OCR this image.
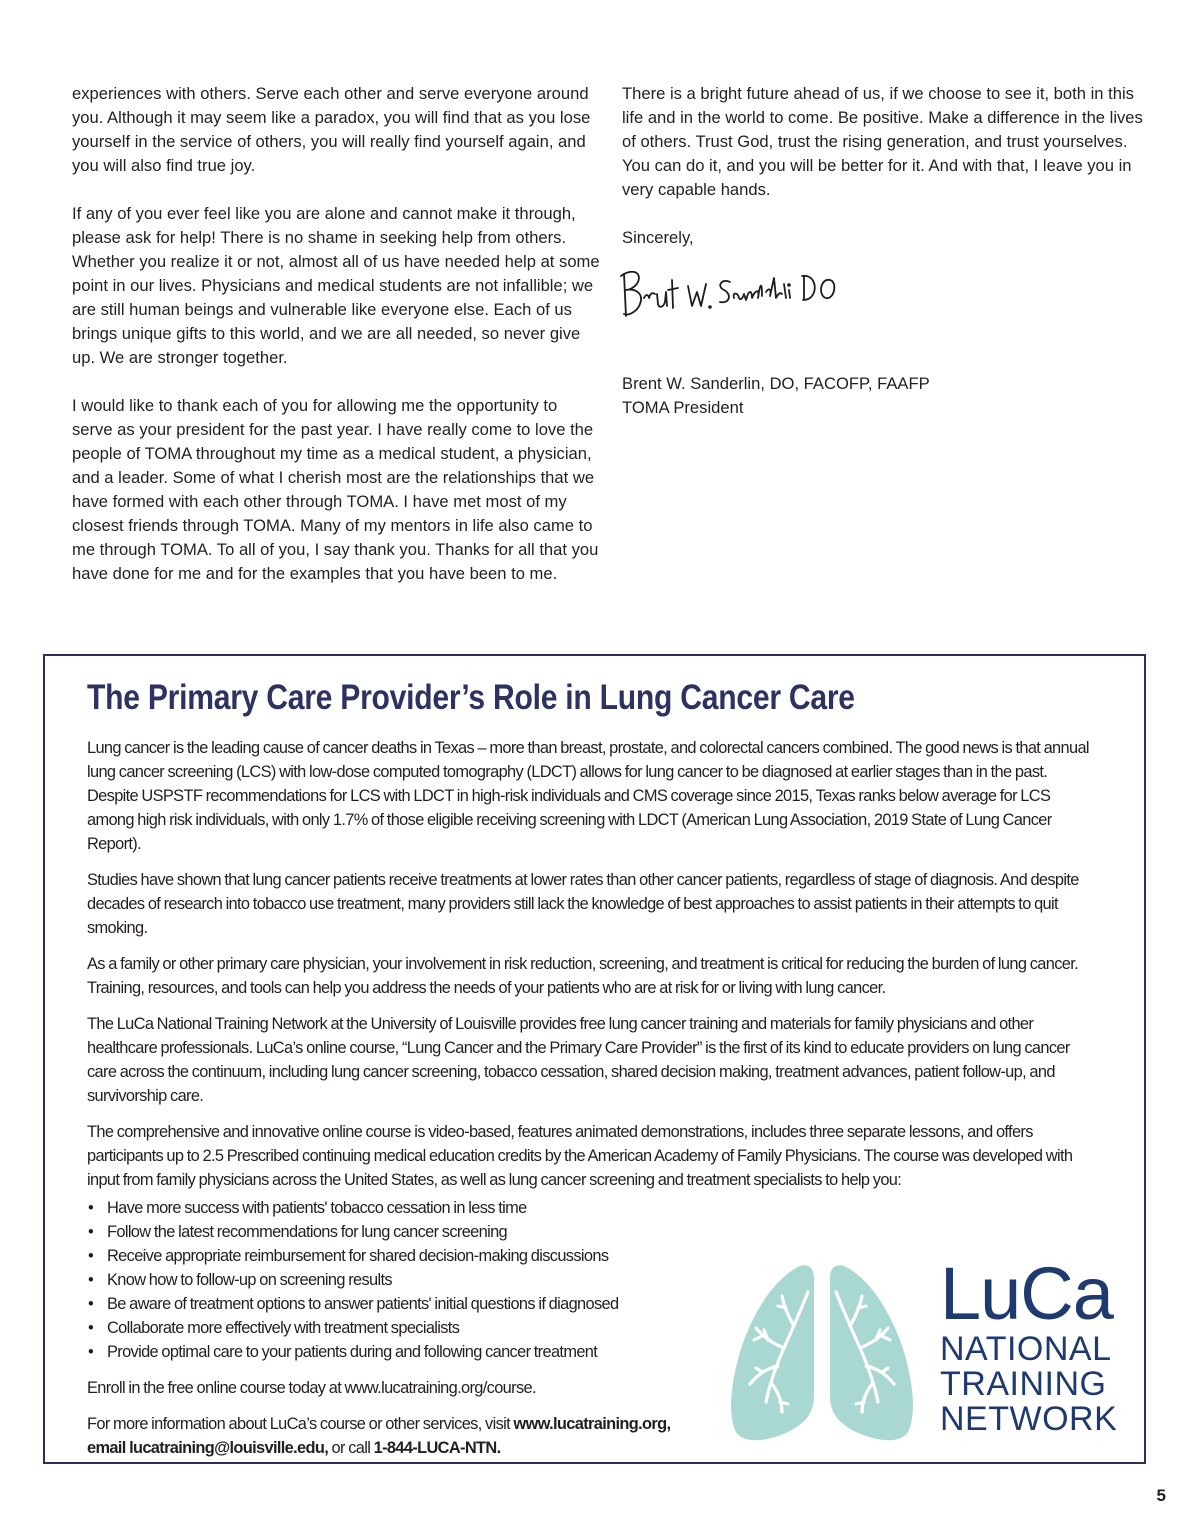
experiences with others. Serve each other and serve everyone around you. Although it may seem like a paradox, you will find that as you lose yourself in the service of others, you will really find yourself again, and you will also find true joy.

If any of you ever feel like you are alone and cannot make it through, please ask for help! There is no shame in seeking help from others. Whether you realize it or not, almost all of us have needed help at some point in our lives. Physicians and medical students are not infallible; we are still human beings and vulnerable like everyone else. Each of us brings unique gifts to this world, and we are all needed, so never give up. We are stronger together.

I would like to thank each of you for allowing me the opportunity to serve as your president for the past year. I have really come to love the people of TOMA throughout my time as a medical student, a physician, and a leader. Some of what I cherish most are the relationships that we have formed with each other through TOMA. I have met most of my closest friends through TOMA. Many of my mentors in life also came to me through TOMA. To all of you, I say thank you. Thanks for all that you have done for me and for the examples that you have been to me.

There is a bright future ahead of us, if we choose to see it, both in this life and in the world to come. Be positive. Make a difference in the lives of others. Trust God, trust the rising generation, and trust yourselves. You can do it, and you will be better for it. And with that, I leave you in very capable hands.

Sincerely,

Brent W. Sanderlin, DO, FACOFP, FAAFP

TOMA President

The Primary Care Provider’s Role in Lung Cancer Care

Lung cancer is the leading cause of cancer deaths in Texas – more than breast, prostate, and colorectal cancers combined. The good news is that annual lung cancer screening (LCS) with low-dose computed tomography (LDCT) allows for lung cancer to be diagnosed at earlier stages than in the past. Despite USPSTF recommendations for LCS with LDCT in high-risk individuals and CMS coverage since 2015, Texas ranks below average for LCS among high risk individuals, with only 1.7% of those eligible receiving screening with LDCT (American Lung Association, 2019 State of Lung Cancer Report).

Studies have shown that lung cancer patients receive treatments at lower rates than other cancer patients, regardless of stage of diagnosis. And despite decades of research into tobacco use treatment, many providers still lack the knowledge of best approaches to assist patients in their attempts to quit smoking.

As a family or other primary care physician, your involvement in risk reduction, screening, and treatment is critical for reducing the burden of lung cancer. Training, resources, and tools can help you address the needs of your patients who are at risk for or living with lung cancer.

The LuCa National Training Network at the University of Louisville provides free lung cancer training and materials for family physicians and other healthcare professionals. LuCa’s online course, “Lung Cancer and the Primary Care Provider” is the first of its kind to educate providers on lung cancer care across the continuum, including lung cancer screening, tobacco cessation, shared decision making, treatment advances, patient follow-up, and survivorship care.

The comprehensive and innovative online course is video-based, features animated demonstrations, includes three separate lessons, and offers participants up to 2.5 Prescribed continuing medical education credits by the American Academy of Family Physicians. The course was developed with input from family physicians across the United States, as well as lung cancer screening and treatment specialists to help you:

• Have more success with patients' tobacco cessation in less time
• Follow the latest recommendations for lung cancer screening
• Receive appropriate reimbursement for shared decision-making discussions
• Know how to follow-up on screening results
• Be aware of treatment options to answer patients' initial questions if diagnosed
• Collaborate more effectively with treatment specialists
• Provide optimal care to your patients during and following cancer treatment

Enroll in the free online course today at www.lucatraining.org/course.

For more information about LuCa’s course or other services, visit www.lucatraining.org,
email lucatraining@louisville.edu, or call 1-844-LUCA-NTN.

LuCa
NATIONAL
TRAINING
NETWORK
5
